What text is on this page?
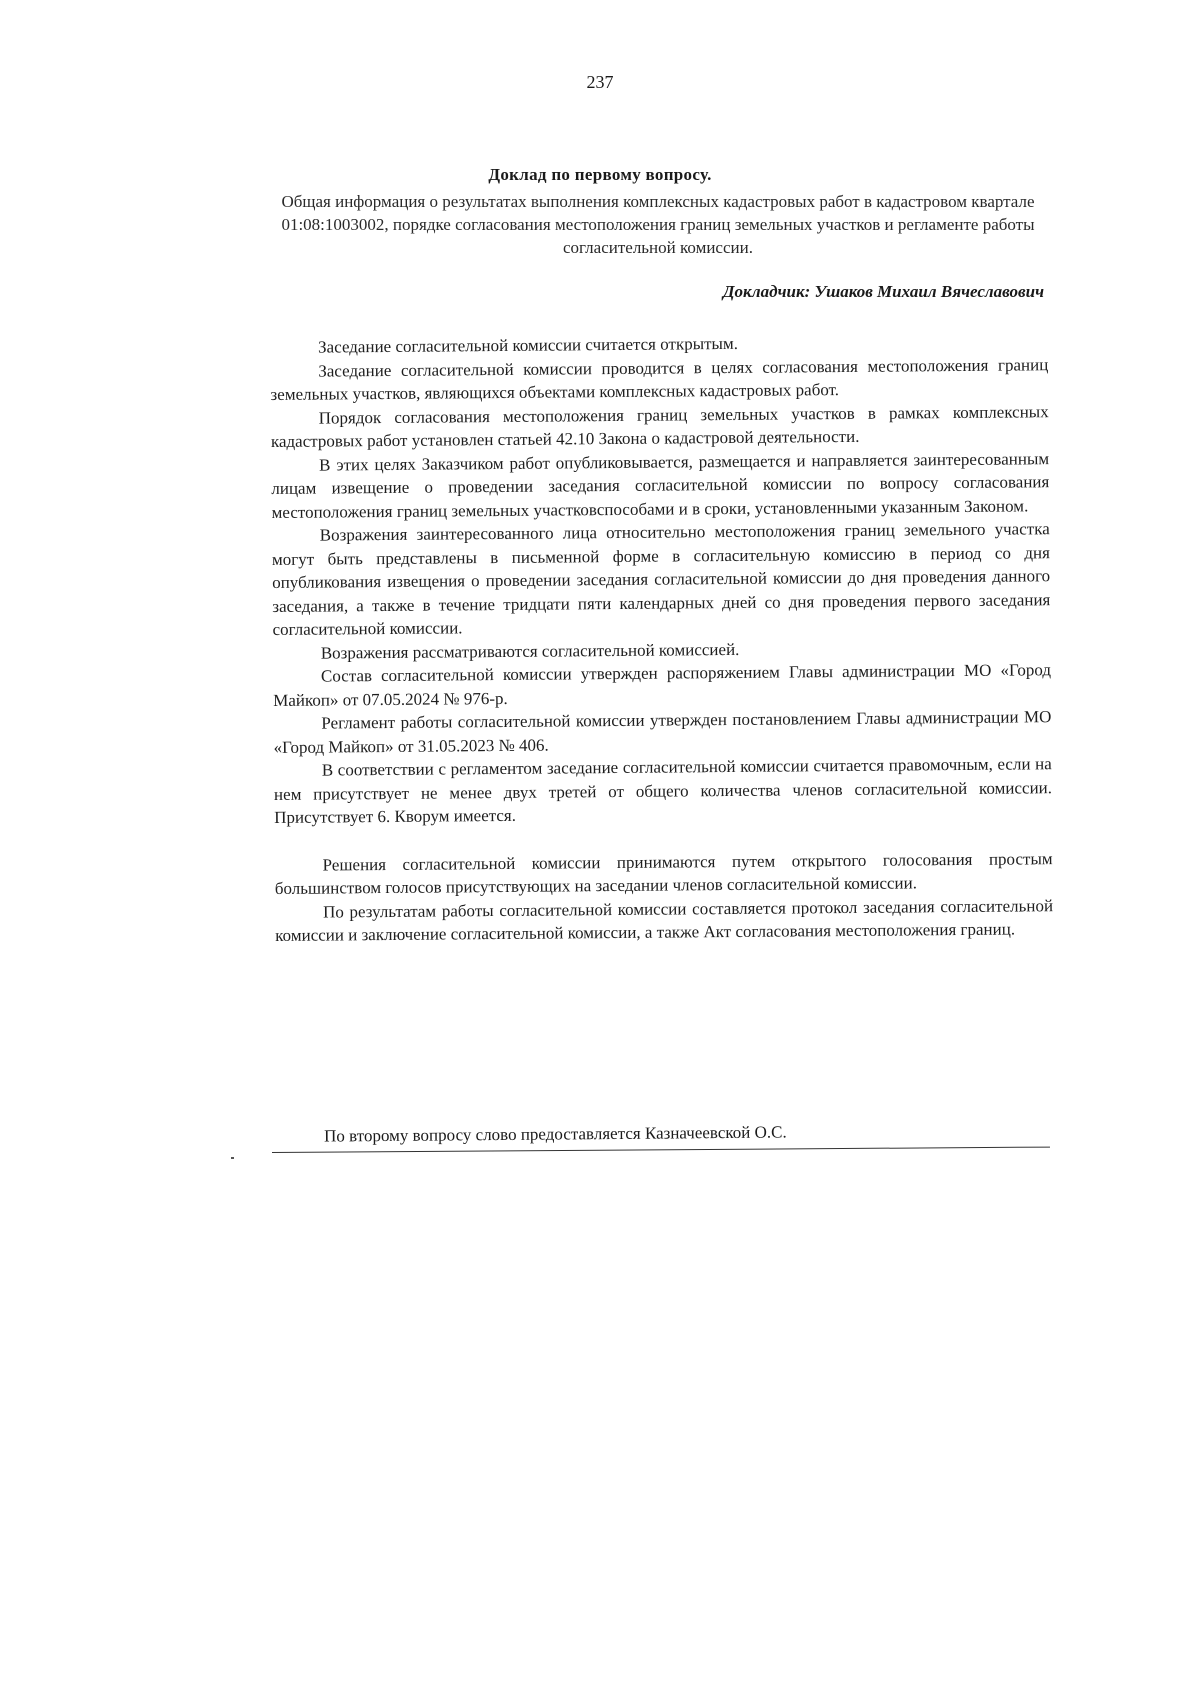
237
Доклад по первому вопросу.
Общая информация о результатах выполнения комплексных кадастровых работ в кадастровом квартале 01:08:1003002, порядке согласования местоположения границ земельных участков и регламенте работы согласительной комиссии.
Докладчик: Ушаков Михаил Вячеславович

Заседание согласительной комиссии считается открытым.

Заседание согласительной комиссии проводится в целях согласования местоположения границ земельных участков, являющихся объектами комплексных кадастровых работ.

Порядок согласования местоположения границ земельных участков в рамках комплексных кадастровых работ установлен статьей 42.10 Закона о кадастровой деятельности.

В этих целях Заказчиком работ опубликовывается, размещается и направляется заинтересованным лицам извещение о проведении заседания согласительной комиссии по вопросу согласования местоположения границ земельных участковспособами и в сроки, установленными указанным Законом.

Возражения заинтересованного лица относительно местоположения границ земельного участка могут быть представлены в письменной форме в согласительную комиссию в период со дня опубликования извещения о проведении заседания согласительной комиссии до дня проведения данного заседания, а также в течение тридцати пяти календарных дней со дня проведения первого заседания согласительной комиссии.

Возражения рассматриваются согласительной комиссией.

Состав согласительной комиссии утвержден распоряжением Главы администрации МО «Город Майкоп» от 07.05.2024 № 976-р.

Регламент работы согласительной комиссии утвержден постановлением Главы администрации МО «Город Майкоп» от 31.05.2023 № 406.

В соответствии с регламентом заседание согласительной комиссии считается правомочным, если на нем присутствует не менее двух третей от общего количества членов согласительной комиссии. Присутствует 6. Кворум имеется.

Решения согласительной комиссии принимаются путем открытого голосования простым большинством голосов присутствующих на заседании членов согласительной комиссии.

По результатам работы согласительной комиссии составляется протокол заседания согласительной комиссии и заключение согласительной комиссии, а также Акт согласования местоположения границ.

По второму вопросу слово предоставляется Казначеевской О.С.
